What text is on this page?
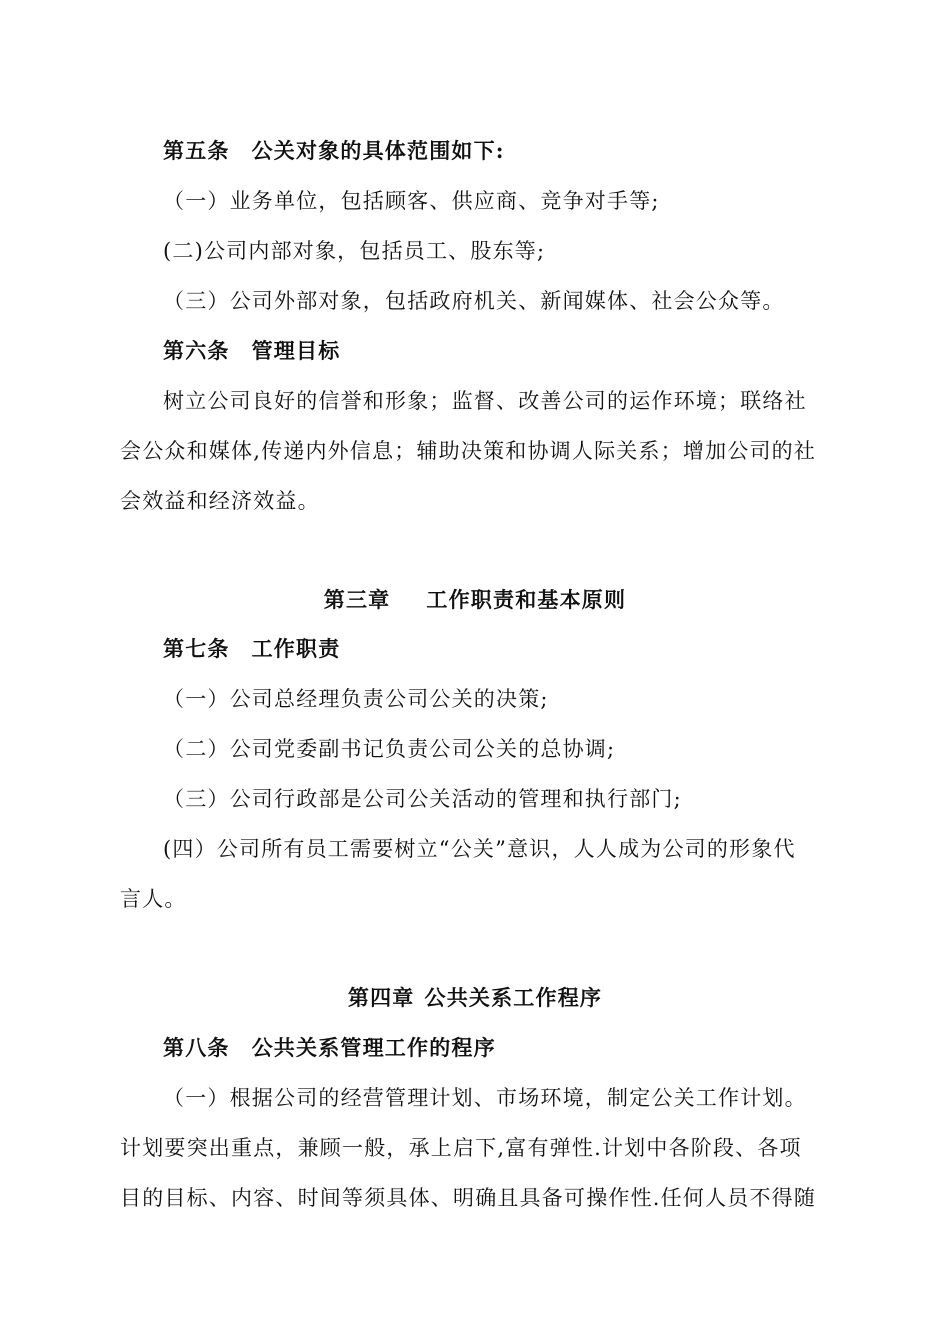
第五条 公关对象的具体范围如下:
（一）业务单位，包括顾客、供应商、竞争对手等;
(二)公司内部对象，包括员工、股东等;
（三）公司外部对象，包括政府机关、新闻媒体、社会公众等。
第六条 管理目标
树立公司良好的信誉和形象；监督、改善公司的运作环境；联络社
会公众和媒体,传递内外信息；辅助决策和协调人际关系；增加公司的社
会效益和经济效益。
第三章 工作职责和基本原则
第七条 工作职责
（一）公司总经理负责公司公关的决策;
（二）公司党委副书记负责公司公关的总协调;
（三）公司行政部是公司公关活动的管理和执行部门;
(四）公司所有员工需要树立“公关”意识，人人成为公司的形象代
言人。
第四章 公共关系工作程序
第八条 公共关系管理工作的程序
（一）根据公司的经营管理计划、市场环境，制定公关工作计划。
计划要突出重点，兼顾一般，承上启下,富有弹性.计划中各阶段、各项
目的目标、内容、时间等须具体、明确且具备可操作性.任何人员不得随
